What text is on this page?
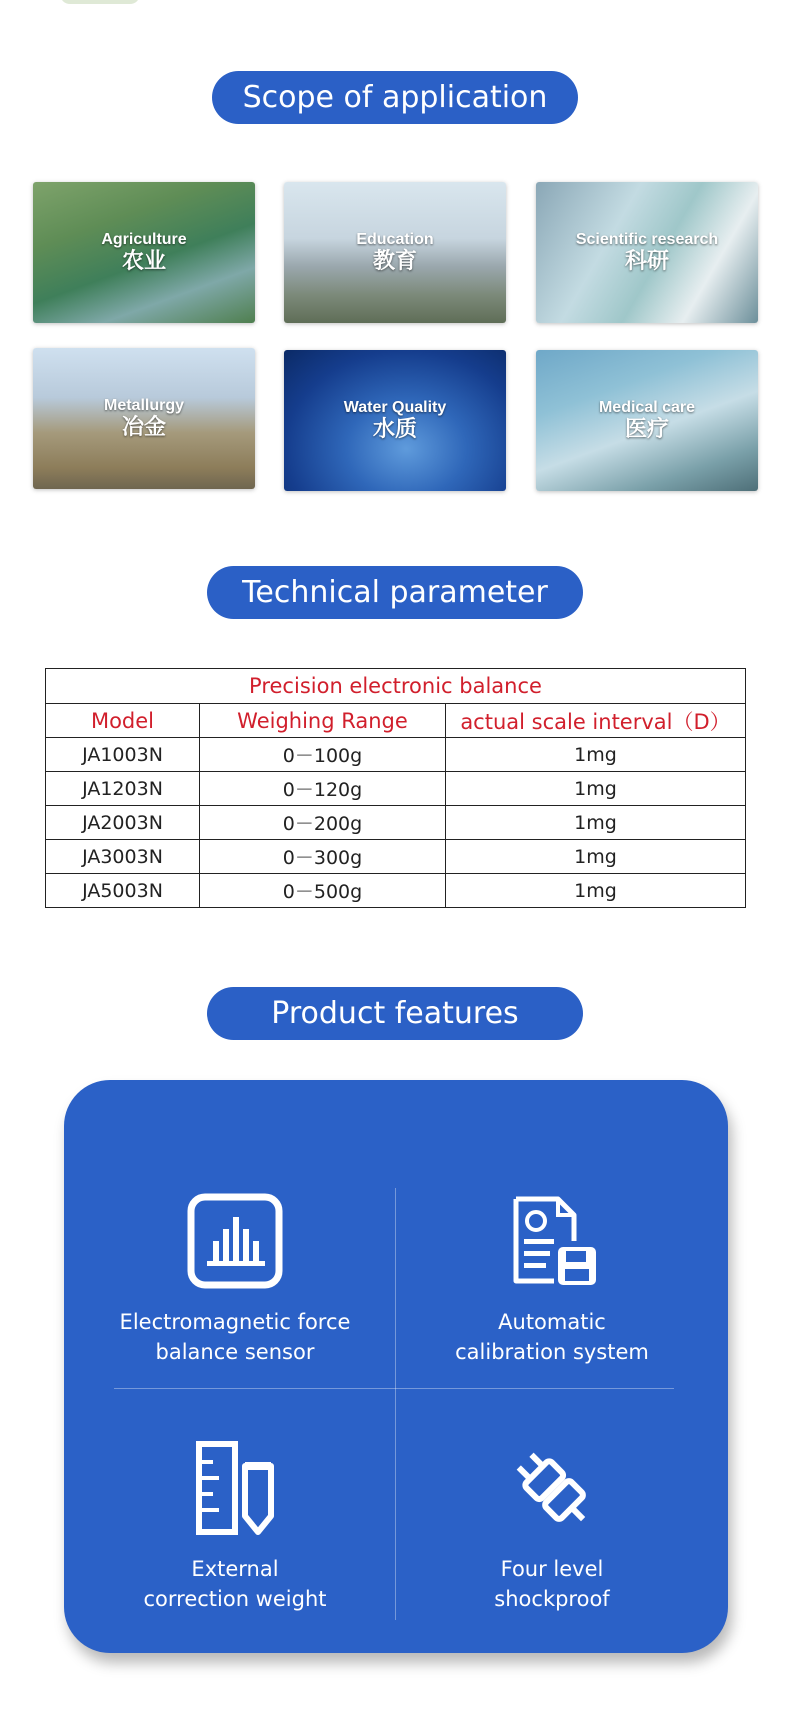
Scope of application
Agriculture
农业
Education
教育
Scientific research
科研
Metallurgy
冶金
Water Quality
水质
Medical care
医疗
Technical parameter
Precision electronic balance		
Model	Weighing Range	actual scale interval（D）
JA1003N	0－100g	1mg
JA1203N	0－120g	1mg
JA2003N	0－200g	1mg
JA3003N	0－300g	1mg
JA5003N	0－500g	1mg
Product features
Electromagnetic force
balance sensor
Automatic
calibration system
External
correction weight
Four level
shockproof
